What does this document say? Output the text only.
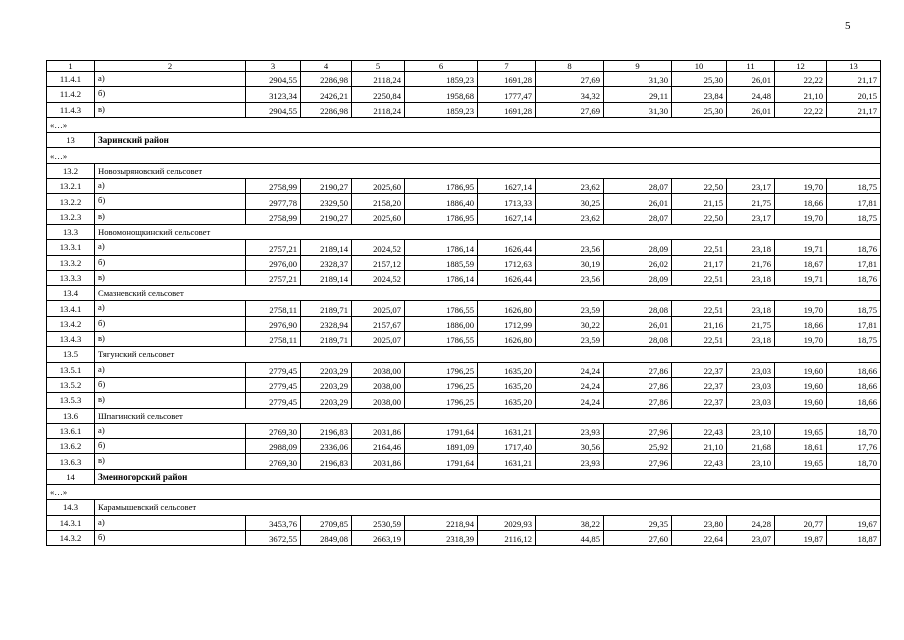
5
1	2	3	4	5	6	7	8	9	10	11	12	13
11.4.1	а)	2904,55	2286,98	2118,24	1859,23	1691,28	27,69	31,30	25,30	26,01	22,22	21,17
11.4.2	б)	3123,34	2426,21	2250,84	1958,68	1777,47	34,32	29,11	23,84	24,48	21,10	20,15
11.4.3	в)	2904,55	2286,98	2118,24	1859,23	1691,28	27,69	31,30	25,30	26,01	22,22	21,17
«…»												
13	Заринский район											
«…»												
13.2	Новозыряновский сельсовет											
13.2.1	а)	2758,99	2190,27	2025,60	1786,95	1627,14	23,62	28,07	22,50	23,17	19,70	18,75
13.2.2	б)	2977,78	2329,50	2158,20	1886,40	1713,33	30,25	26,01	21,15	21,75	18,66	17,81
13.2.3	в)	2758,99	2190,27	2025,60	1786,95	1627,14	23,62	28,07	22,50	23,17	19,70	18,75
13.3	Новомонощкинский сельсовет											
13.3.1	а)	2757,21	2189,14	2024,52	1786,14	1626,44	23,56	28,09	22,51	23,18	19,71	18,76
13.3.2	б)	2976,00	2328,37	2157,12	1885,59	1712,63	30,19	26,02	21,17	21,76	18,67	17,81
13.3.3	в)	2757,21	2189,14	2024,52	1786,14	1626,44	23,56	28,09	22,51	23,18	19,71	18,76
13.4	Смазневский сельсовет											
13.4.1	а)	2758,11	2189,71	2025,07	1786,55	1626,80	23,59	28,08	22,51	23,18	19,70	18,75
13.4.2	б)	2976,90	2328,94	2157,67	1886,00	1712,99	30,22	26,01	21,16	21,75	18,66	17,81
13.4.3	в)	2758,11	2189,71	2025,07	1786,55	1626,80	23,59	28,08	22,51	23,18	19,70	18,75
13.5	Тягунский сельсовет											
13.5.1	а)	2779,45	2203,29	2038,00	1796,25	1635,20	24,24	27,86	22,37	23,03	19,60	18,66
13.5.2	б)	2779,45	2203,29	2038,00	1796,25	1635,20	24,24	27,86	22,37	23,03	19,60	18,66
13.5.3	в)	2779,45	2203,29	2038,00	1796,25	1635,20	24,24	27,86	22,37	23,03	19,60	18,66
13.6	Шпагинский сельсовет											
13.6.1	а)	2769,30	2196,83	2031,86	1791,64	1631,21	23,93	27,96	22,43	23,10	19,65	18,70
13.6.2	б)	2988,09	2336,06	2164,46	1891,09	1717,40	30,56	25,92	21,10	21,68	18,61	17,76
13.6.3	в)	2769,30	2196,83	2031,86	1791,64	1631,21	23,93	27,96	22,43	23,10	19,65	18,70
14	Змеиногорский район											
«…»												
14.3	Карамышевский сельсовет											
14.3.1	а)	3453,76	2709,85	2530,59	2218,94	2029,93	38,22	29,35	23,80	24,28	20,77	19,67
14.3.2	б)	3672,55	2849,08	2663,19	2318,39	2116,12	44,85	27,60	22,64	23,07	19,87	18,87
